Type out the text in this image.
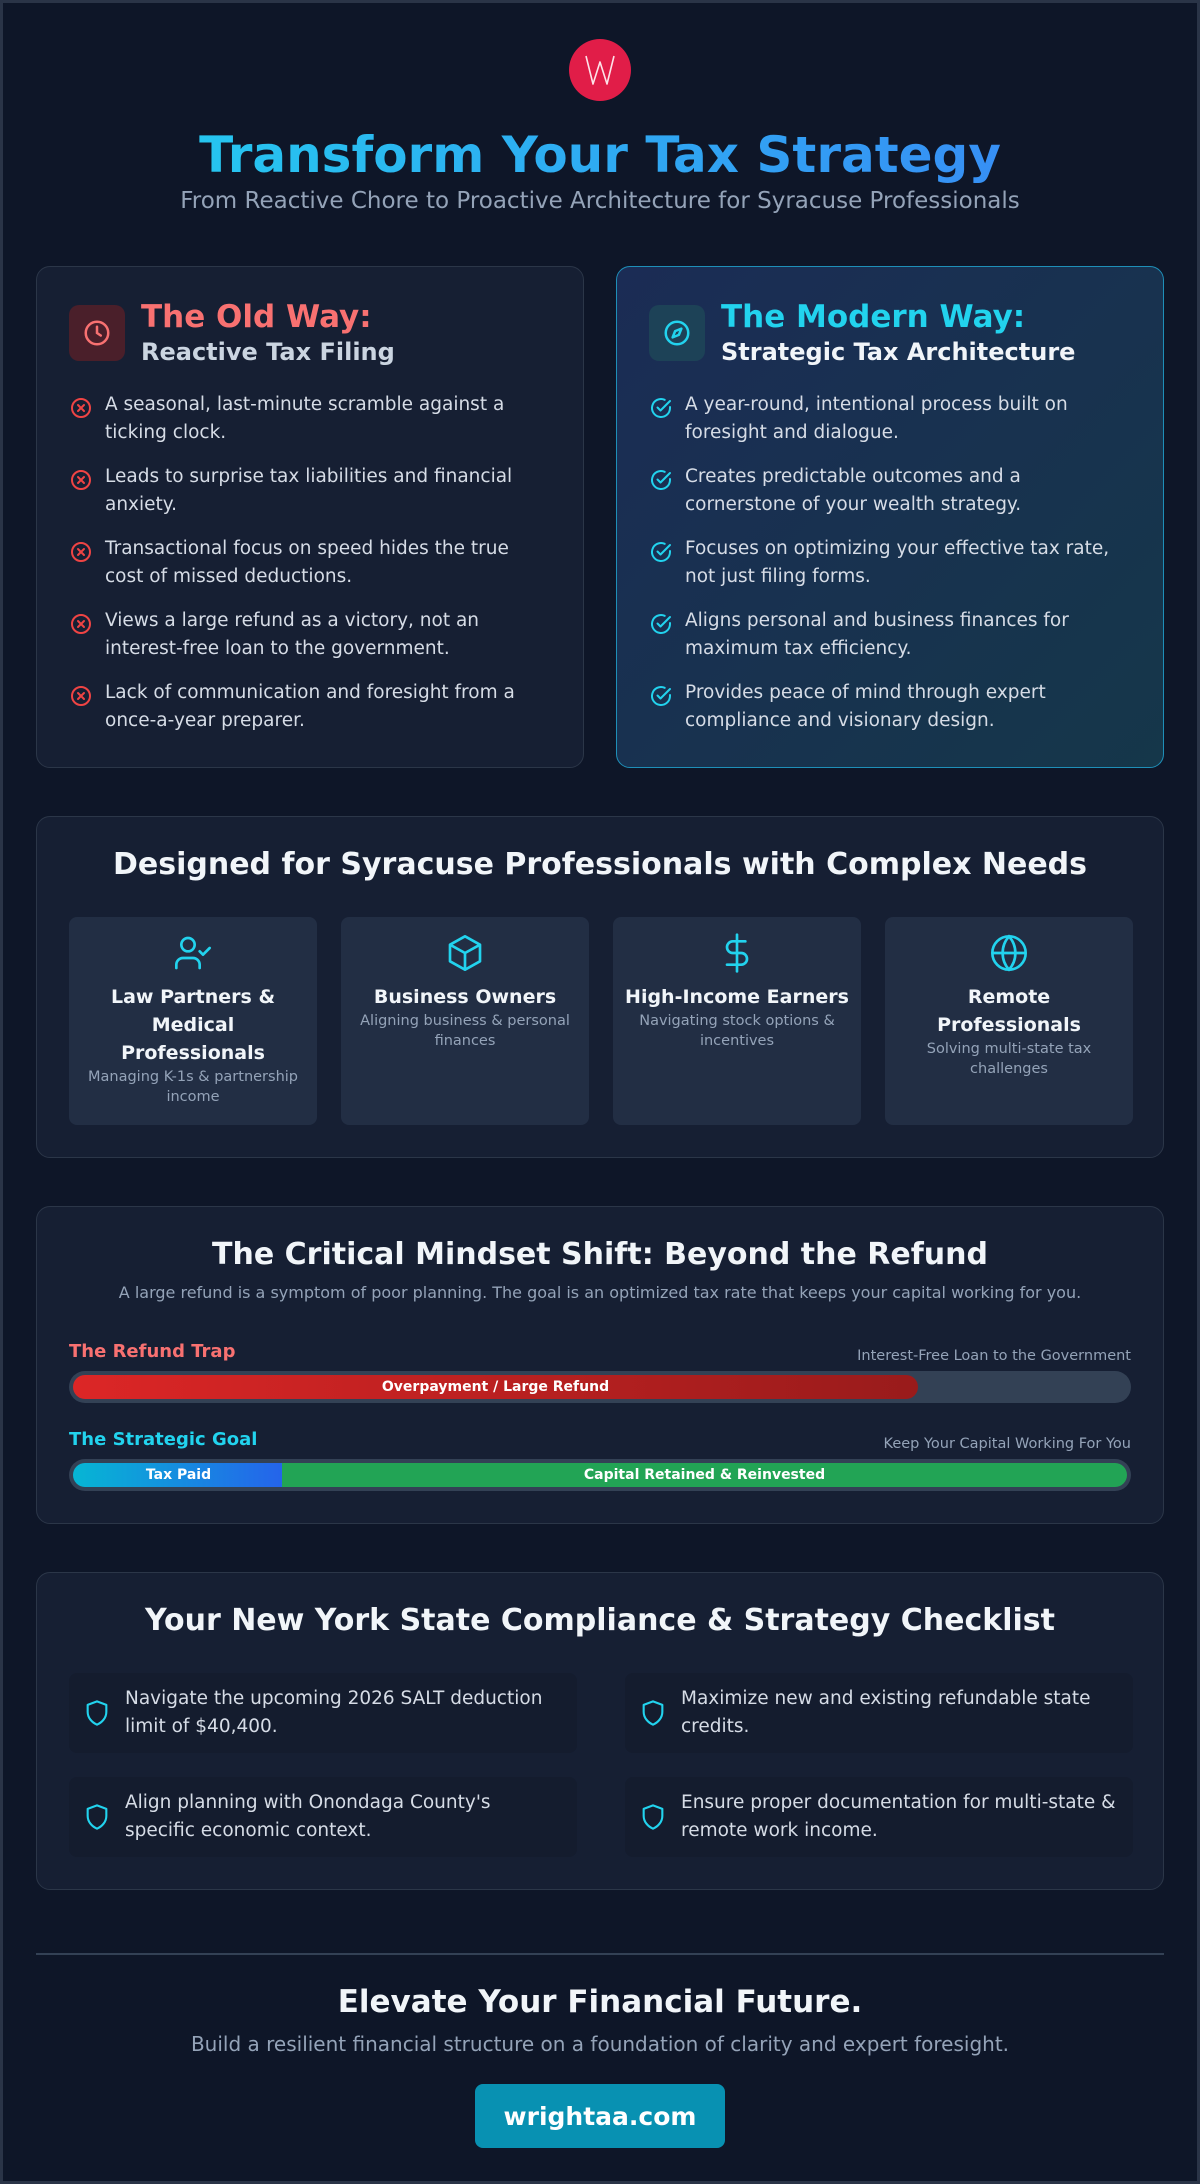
Transform Your Tax Strategy
From Reactive Chore to Proactive Architecture for Syracuse Professionals
The Old Way:
Reactive Tax Filing
A seasonal, last-minute scramble against a ticking clock.
Leads to surprise tax liabilities and financial anxiety.
Transactional focus on speed hides the true cost of missed deductions.
Views a large refund as a victory, not an interest-free loan to the government.
Lack of communication and foresight from a once-a-year preparer.
The Modern Way:
Strategic Tax Architecture
A year-round, intentional process built on foresight and dialogue.
Creates predictable outcomes and a cornerstone of your wealth strategy.
Focuses on optimizing your effective tax rate, not just filing forms.
Aligns personal and business finances for maximum tax efficiency.
Provides peace of mind through expert compliance and visionary design.
Designed for Syracuse Professionals with Complex Needs
Law Partners & Medical Professionals
Managing K-1s & partnership income
Business Owners
Aligning business & personal finances
High-Income Earners
Navigating stock options & incentives
Remote Professionals
Solving multi-state tax challenges
The Critical Mindset Shift: Beyond the Refund
A large refund is a symptom of poor planning. The goal is an optimized tax rate that keeps your capital working for you.
The Refund Trap	Interest-Free Loan to the Government
Overpayment / Large Refund
The Strategic Goal	Keep Your Capital Working For You
Tax Paid	Capital Retained & Reinvested
Your New York State Compliance & Strategy Checklist
Navigate the upcoming 2026 SALT deduction limit of $40,400.
Maximize new and existing refundable state credits.
Align planning with Onondaga County's specific economic context.
Ensure proper documentation for multi-state & remote work income.
Elevate Your Financial Future.
Build a resilient financial structure on a foundation of clarity and expert foresight.
wrightaa.com
